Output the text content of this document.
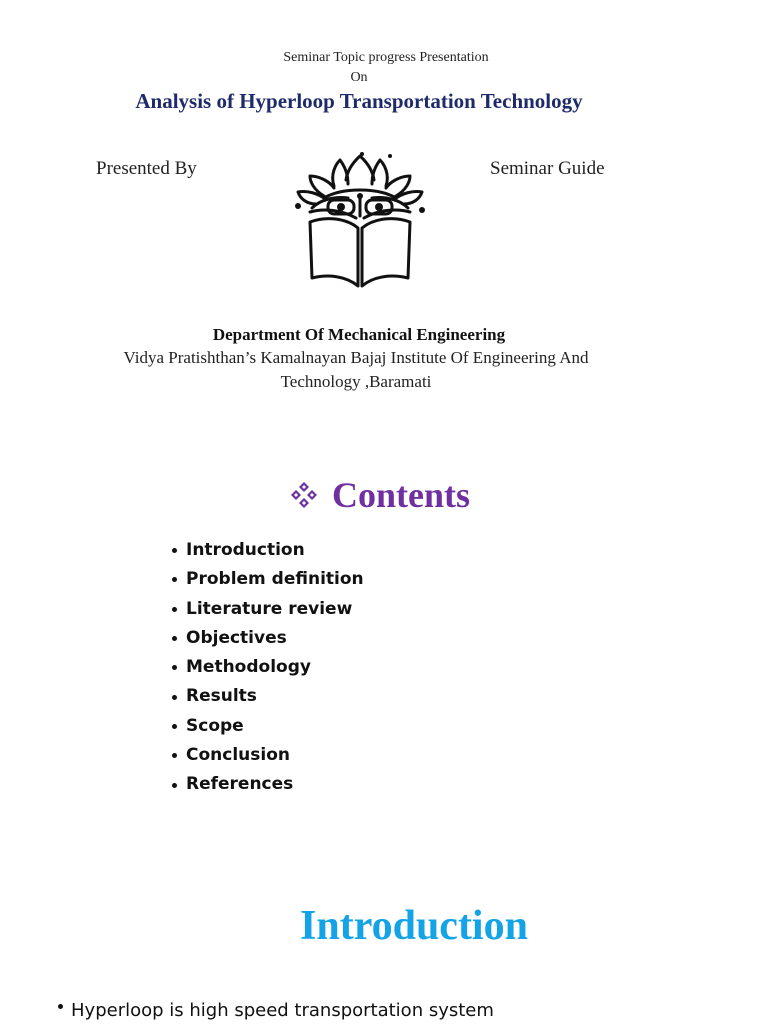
Seminar Topic progress Presentation
On
Analysis of Hyperloop Transportation Technology
Presented By	Seminar Guide
Department Of Mechanical Engineering
Vidya Pratishthan’s Kamalnayan Bajaj Institute Of Engineering And
Technology ,Baramati
Contents
Introduction
Problem definition
Literature review
Objectives
Methodology
Results
Scope
Conclusion
References
Introduction
Hyperloop is high speed transportation system
